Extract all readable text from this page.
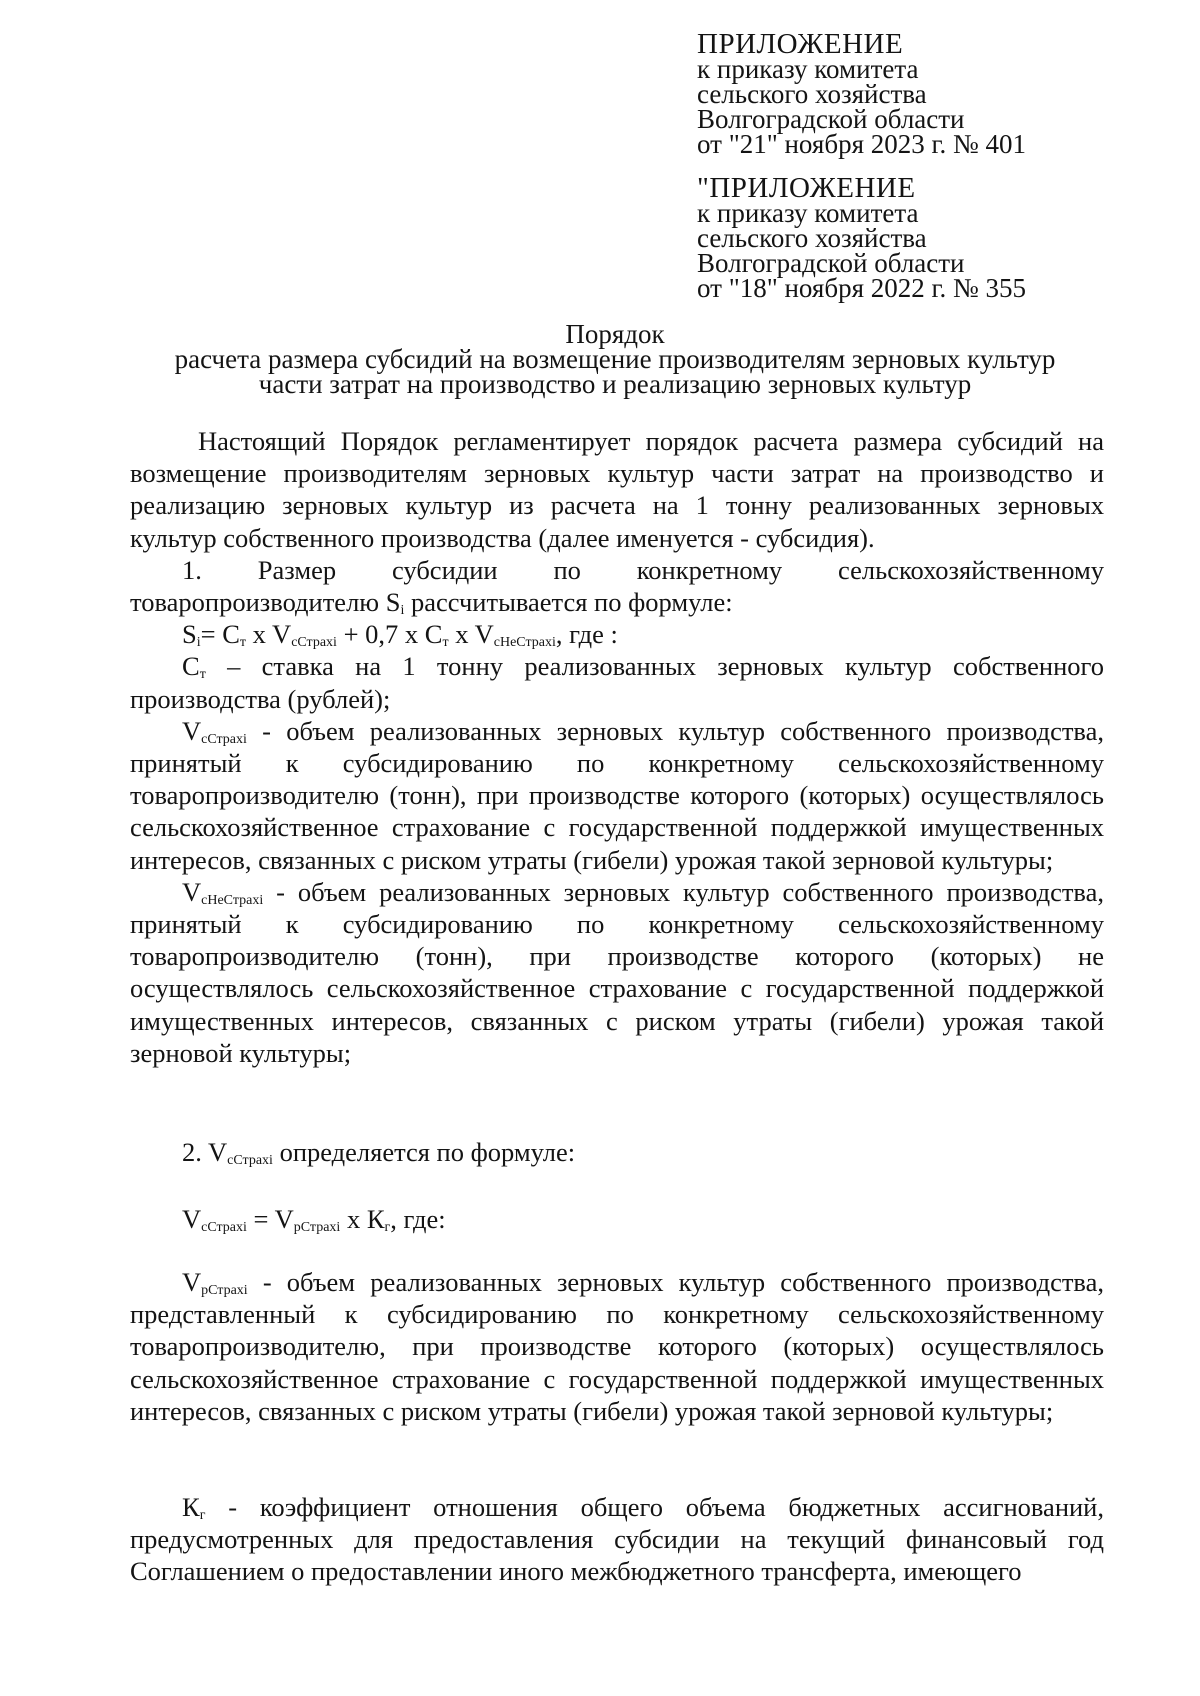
ПРИЛОЖЕНИЕ
к приказу комитета
сельского хозяйства
Волгоградской области
от "21" ноября 2023 г. № 401
"ПРИЛОЖЕНИЕ
к приказу комитета
сельского хозяйства
Волгоградской области
от "18" ноября 2022 г. № 355
Порядок
расчета размера субсидий на возмещение производителям зерновых культур
части затрат на производство и реализацию зерновых культур

Настоящий Порядок регламентирует порядок расчета размера субсидий на возмещение производителям зерновых культур части затрат на производство и реализацию зерновых культур из расчета на 1 тонну реализованных зерновых культур собственного производства (далее именуется - субсидия).

1. Размер субсидии по конкретному сельскохозяйственному

товаропроизводителю $S_i$ рассчитывается по формуле:

$S_i= C_т$ x $V_{cСтрахi} + 0,7$ x $C_т$ x $V_{cНеСтрахi}$, где :

$C_т$ – ставка на 1 тонну реализованных зерновых культур собственного производства (рублей);

$V_{cСтрахi}$ - объем реализованных зерновых культур собственного производства, принятый к субсидированию по конкретному сельскохозяйственному товаропроизводителю (тонн), при производстве которого (которых) осуществлялось сельскохозяйственное страхование с государственной поддержкой имущественных интересов, связанных с риском утраты (гибели) урожая такой зерновой культуры;

$V_{cНеСтрахi}$ - объем реализованных зерновых культур собственного производства, принятый к субсидированию по конкретному сельскохозяйственному товаропроизводителю (тонн), при производстве которого (которых) не осуществлялось сельскохозяйственное страхование с государственной поддержкой имущественных интересов, связанных с риском утраты (гибели) урожая такой зерновой культуры;

2. $V_{cСтрахi}$ определяется по формуле:

$V_{cСтрахi} = V_{pСтрахi}$ x $К_г$, где:

$V_{pСтрахi}$ - объем реализованных зерновых культур собственного производства, представленный к субсидированию по конкретному сельскохозяйственному товаропроизводителю, при производстве которого (которых) осуществлялось сельскохозяйственное страхование с государственной поддержкой имущественных интересов, связанных с риском утраты (гибели) урожая такой зерновой культуры;

$К_г$ - коэффициент отношения общего объема бюджетных ассигнований, предусмотренных для предоставления субсидии на текущий финансовый год Соглашением о предоставлении иного межбюджетного трансферта, имеющего
